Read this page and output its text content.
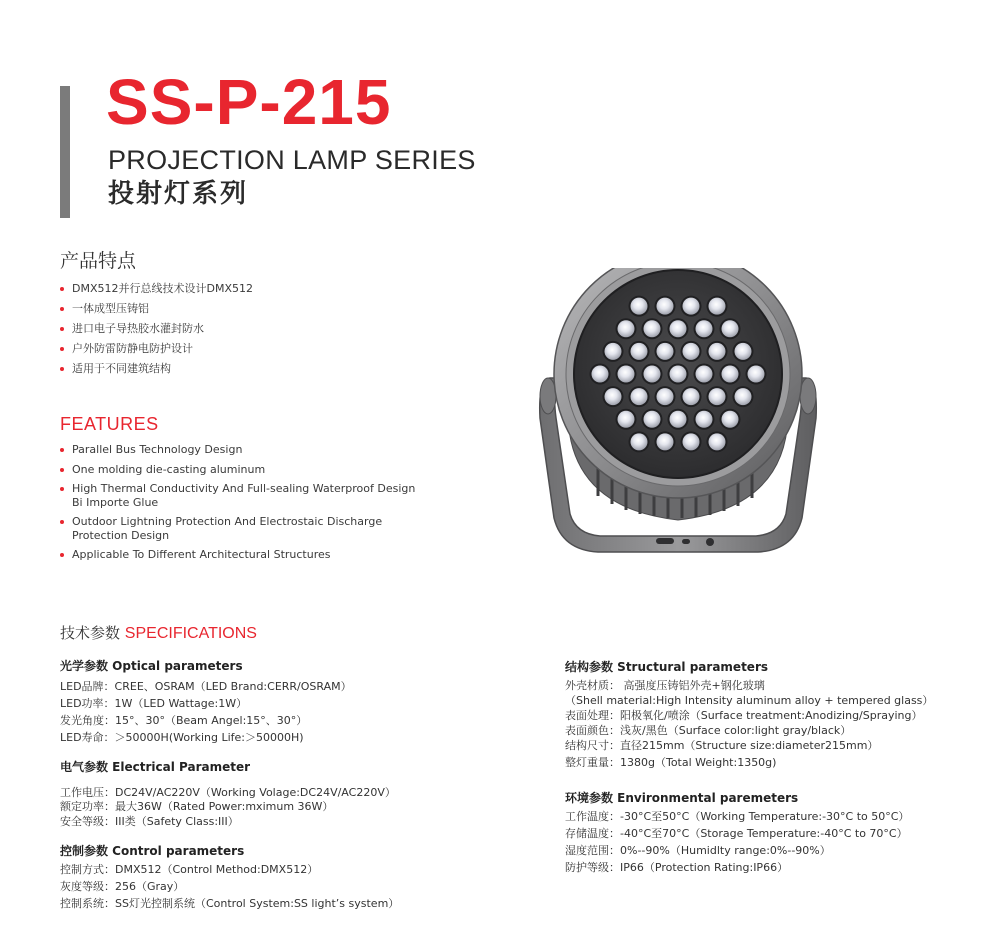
SS-P-215
PROJECTION LAMP SERIES
投射灯系列
产品特点
DMX512并行总线技术设计DMX512
一体成型压铸铝
进口电子导热胶水灌封防水
户外防雷防静电防护设计
适用于不同建筑结构
FEATURES
Parallel Bus Technology Design
One molding die-casting aluminum
High Thermal Conductivity And Full-sealing Waterproof Design Bi Importe Glue
Outdoor Lightning Protection And Electrostaic Discharge Protection Design
Applicable To Different Architectural Structures
技术参数 SPECIFICATIONS
光学参数 Optical parameters
LED品牌：CREE、OSRAM（LED Brand:CERR/OSRAM）
LED功率：1W（LED Wattage:1W）
发光角度：15°、30°（Beam Angel:15°、30°）
LED寿命：＞50000H(Working Life:＞50000H)
电气参数 Electrical Parameter
工作电压：DC24V/AC220V（Working Volage:DC24V/AC220V）
额定功率：最大36W（Rated Power:mximum 36W）
安全等级：III类（Safety Class:III）
控制参数 Control parameters
控制方式：DMX512（Control Method:DMX512）
灰度等级：256（Gray）
控制系统：SS灯光控制系统（Control System:SS light’s system）
结构参数 Structural parameters
外壳材质： 高强度压铸铝外壳+钢化玻璃
（Shell material:High Intensity aluminum alloy + tempered glass）
表面处理：阳极氧化/喷涂（Surface treatment:Anodizing/Spraying）
表面颜色：浅灰/黑色（Surface color:light gray/black）
结构尺寸：直径215mm（Structure size:diameter215mm）
整灯重量：1380g（Total Weight:1350g)
环境参数 Environmental paremeters
工作温度：-30°C至50°C（Working Temperature:-30°C to 50°C）
存储温度：-40°C至70°C（Storage Temperature:-40°C to 70°C）
湿度范围：0%--90%（Humidlty range:0%--90%）
防护等级：IP66（Protection Rating:IP66）
